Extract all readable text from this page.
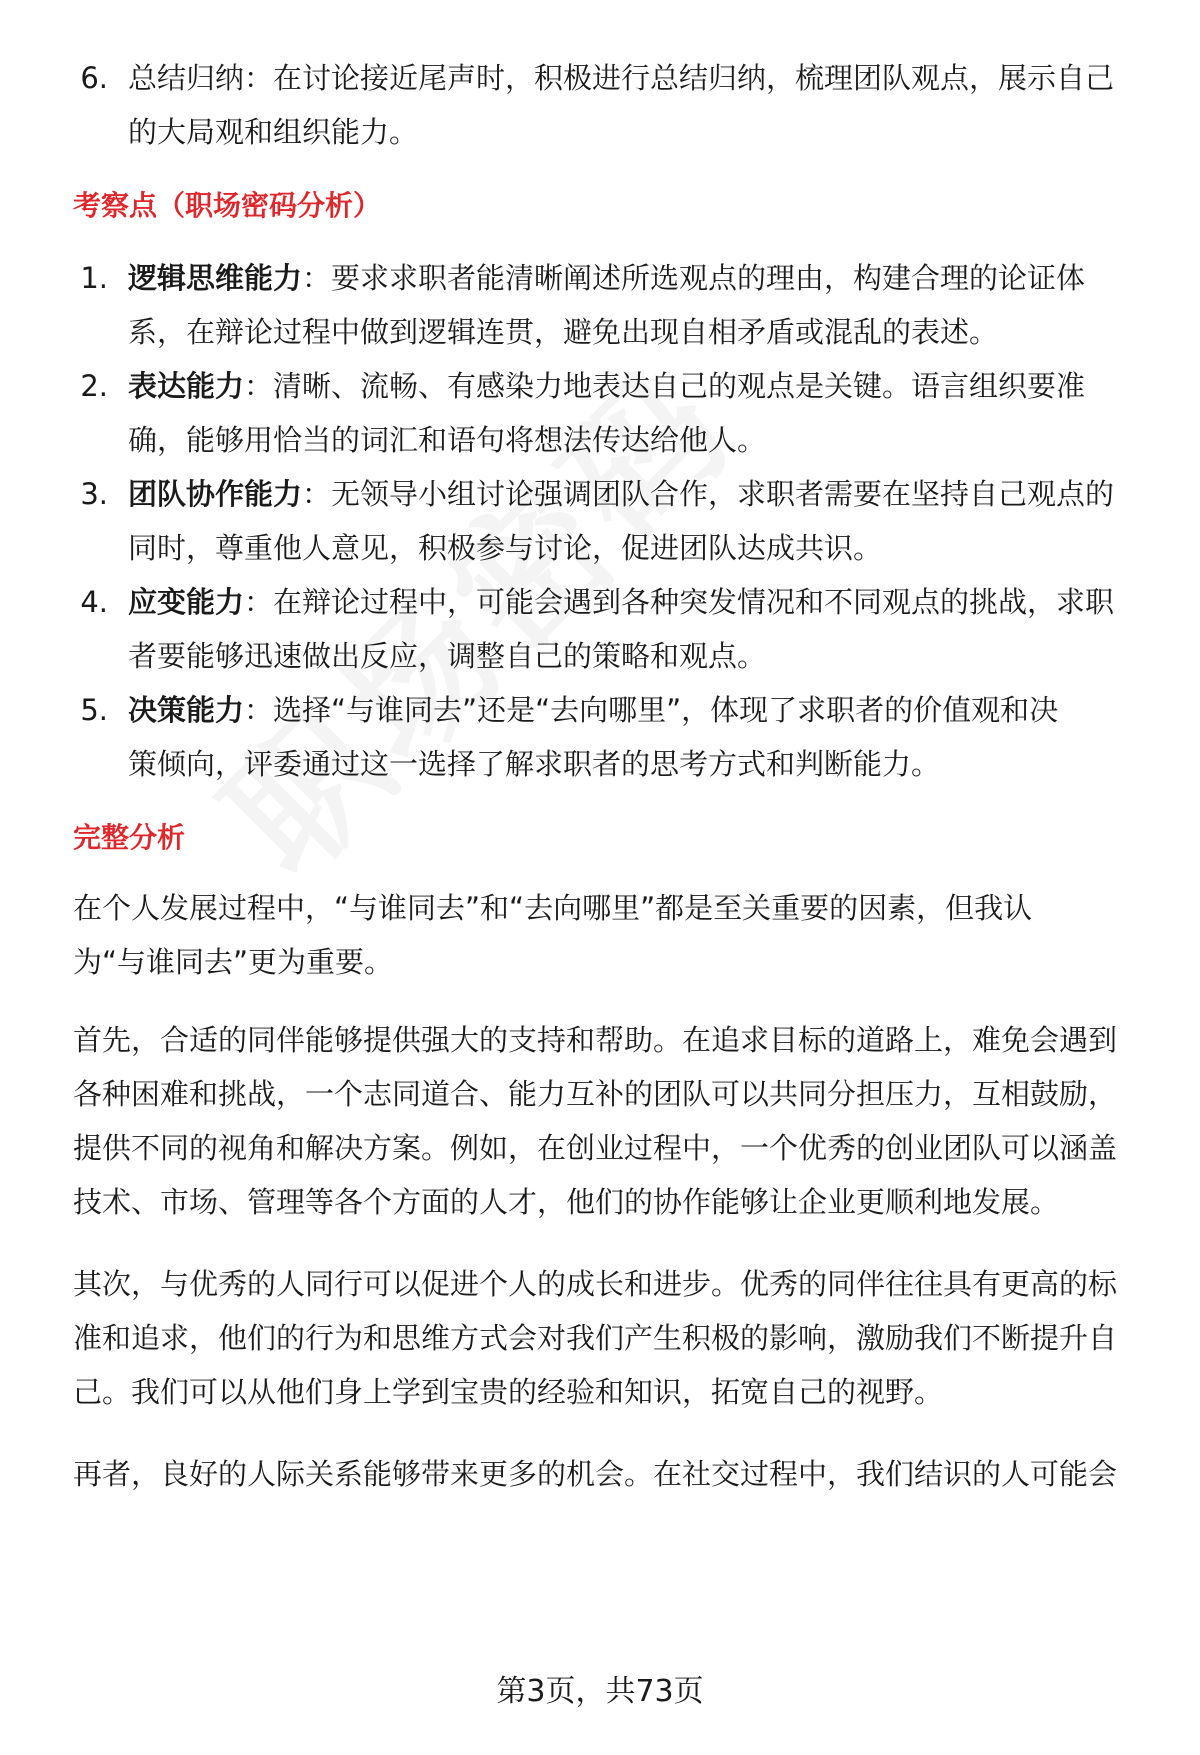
6. 总结归纳：在讨论接近尾声时，积极进行总结归纳，梳理团队观点，展示自己
的大局观和组织能力。
考察点（职场密码分析）
1. 逻辑思维能力：要求求职者能清晰阐述所选观点的理由，构建合理的论证体
系，在辩论过程中做到逻辑连贯，避免出现自相矛盾或混乱的表述。
2. 表达能力：清晰、流畅、有感染力地表达自己的观点是关键。语言组织要准
确，能够用恰当的词汇和语句将想法传达给他人。
3. 团队协作能力：无领导小组讨论强调团队合作，求职者需要在坚持自己观点的
同时，尊重他人意见，积极参与讨论，促进团队达成共识。
4. 应变能力：在辩论过程中，可能会遇到各种突发情况和不同观点的挑战，求职
者要能够迅速做出反应，调整自己的策略和观点。
5. 决策能力：选择“与谁同去”还是“去向哪里”，体现了求职者的价值观和决
策倾向，评委通过这一选择了解求职者的思考方式和判断能力。
完整分析
在个人发展过程中，“与谁同去”和“去向哪里”都是至关重要的因素，但我认
为“与谁同去”更为重要。
首先，合适的同伴能够提供强大的支持和帮助。在追求目标的道路上，难免会遇到
各种困难和挑战，一个志同道合、能力互补的团队可以共同分担压力，互相鼓励，
提供不同的视角和解决方案。例如，在创业过程中，一个优秀的创业团队可以涵盖
技术、市场、管理等各个方面的人才，他们的协作能够让企业更顺利地发展。
其次，与优秀的人同行可以促进个人的成长和进步。优秀的同伴往往具有更高的标
准和追求，他们的行为和思维方式会对我们产生积极的影响，激励我们不断提升自
己。我们可以从他们身上学到宝贵的经验和知识，拓宽自己的视野。
再者，良好的人际关系能够带来更多的机会。在社交过程中，我们结识的人可能会
第3页，共73页
